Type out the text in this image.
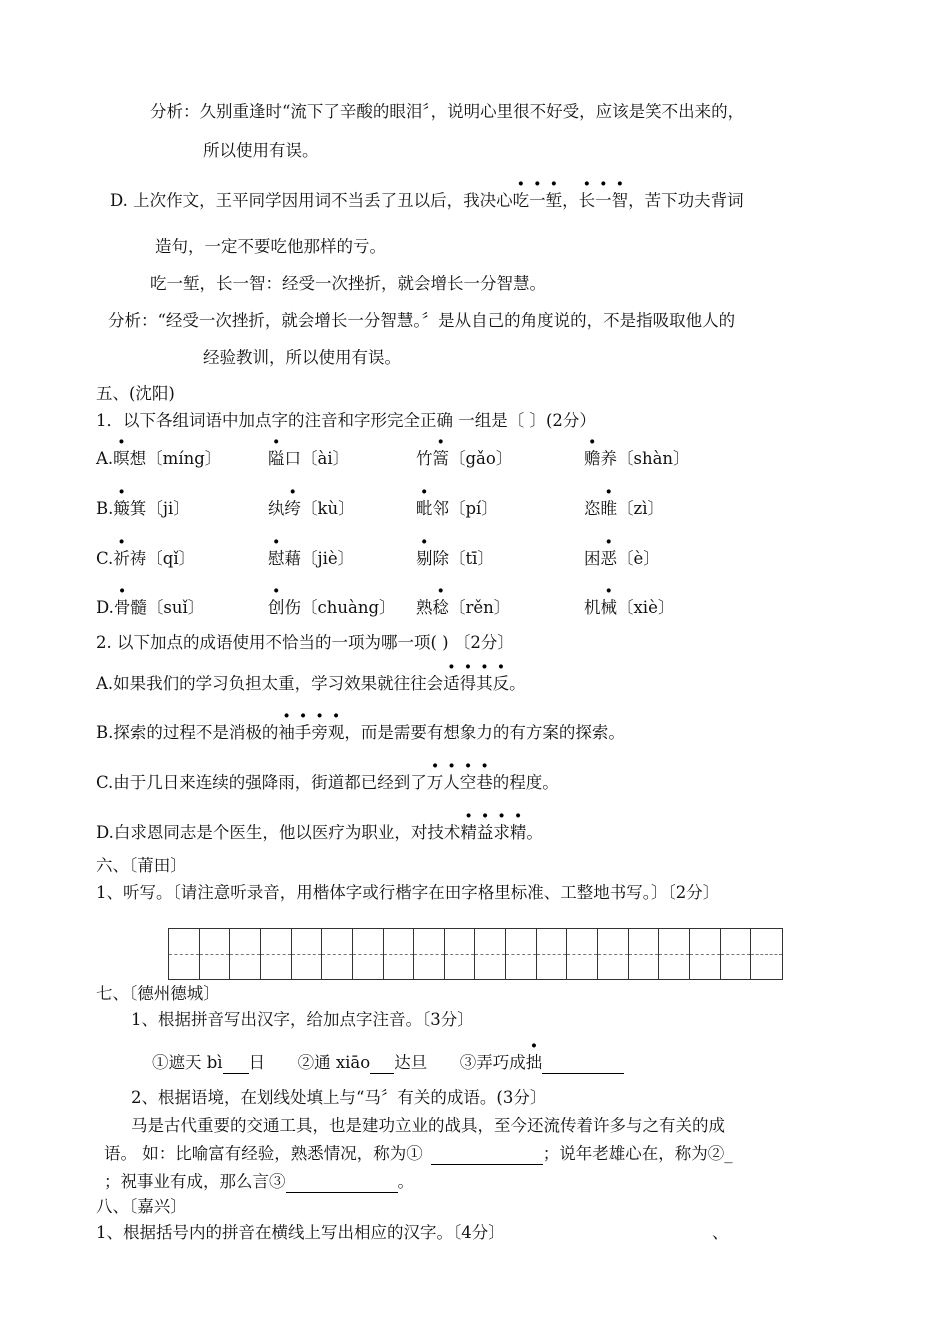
分析：久别重逢时“流下了辛酸的眼泪〞，说明心里很不好受，应该是笑不出来的，
所以使用有误。
D. 上次作文，王平同学因用词不当丢了丑以后，我决心吃一堑，长一智，苦下功夫背词
造句，一定不要吃他那样的亏。
吃一堑，长一智：经受一次挫折，就会增长一分智慧。
分析：“经受一次挫折，就会增长一分智慧。〞是从自己的角度说的，不是指吸取他人的
经验教训，所以使用有误。
五、(沈阳)
1．以下各组词语中加点字的注音和字形完全正确 一组是〔 〕(2分）
A.暝想〔míng〕	隘口〔ài〕	竹篙〔gǎo〕	赡养〔shàn〕
B.簸箕〔ji〕	纨绔〔kù〕	毗邻〔pí〕	恣睢〔zì〕
C.祈祷〔qǐ〕	慰藉〔jiè〕	剔除〔tī〕	困恶〔è〕
D.骨髓〔suǐ〕	创伤〔chuàng〕 熟稔〔rěn〕	机械〔xiè〕
2. 以下加点的成语使用不恰当的一项为哪一项( ) 〔2分〕
A.如果我们的学习负担太重，学习效果就往往会适得其反。
B.探索的过程不是消极的袖手旁观，而是需要有想象力的有方案的探索。
C.由于几日来连续的强降雨，街道都已经到了万人空巷的程度。
D.白求恩同志是个医生，他以医疗为职业，对技术精益求精。
六、〔莆田〕
1、听写。〔请注意听录音，用楷体字或行楷字在田字格里标准、工整地书写。〕〔2分〕
七、〔德州德城〕
1、根据拼音写出汉字，给加点字注音。〔3分〕
①遮天 bì 日 ②通 xiāo 达旦 ③弄巧成拙
2、根据语境，在划线处填上与“马〞有关的成语。(3分〕
马是古代重要的交通工具，也是建功立业的战具，至今还流传着许多与之有关的成
语。 如：比喻富有经验，熟悉情况，称为①	；说年老雄心在，称为②_
；祝事业有成，那么言③	。
八、〔嘉兴〕
1、根据括号内的拼音在横线上写出相应的汉字。〔4分〕	、
